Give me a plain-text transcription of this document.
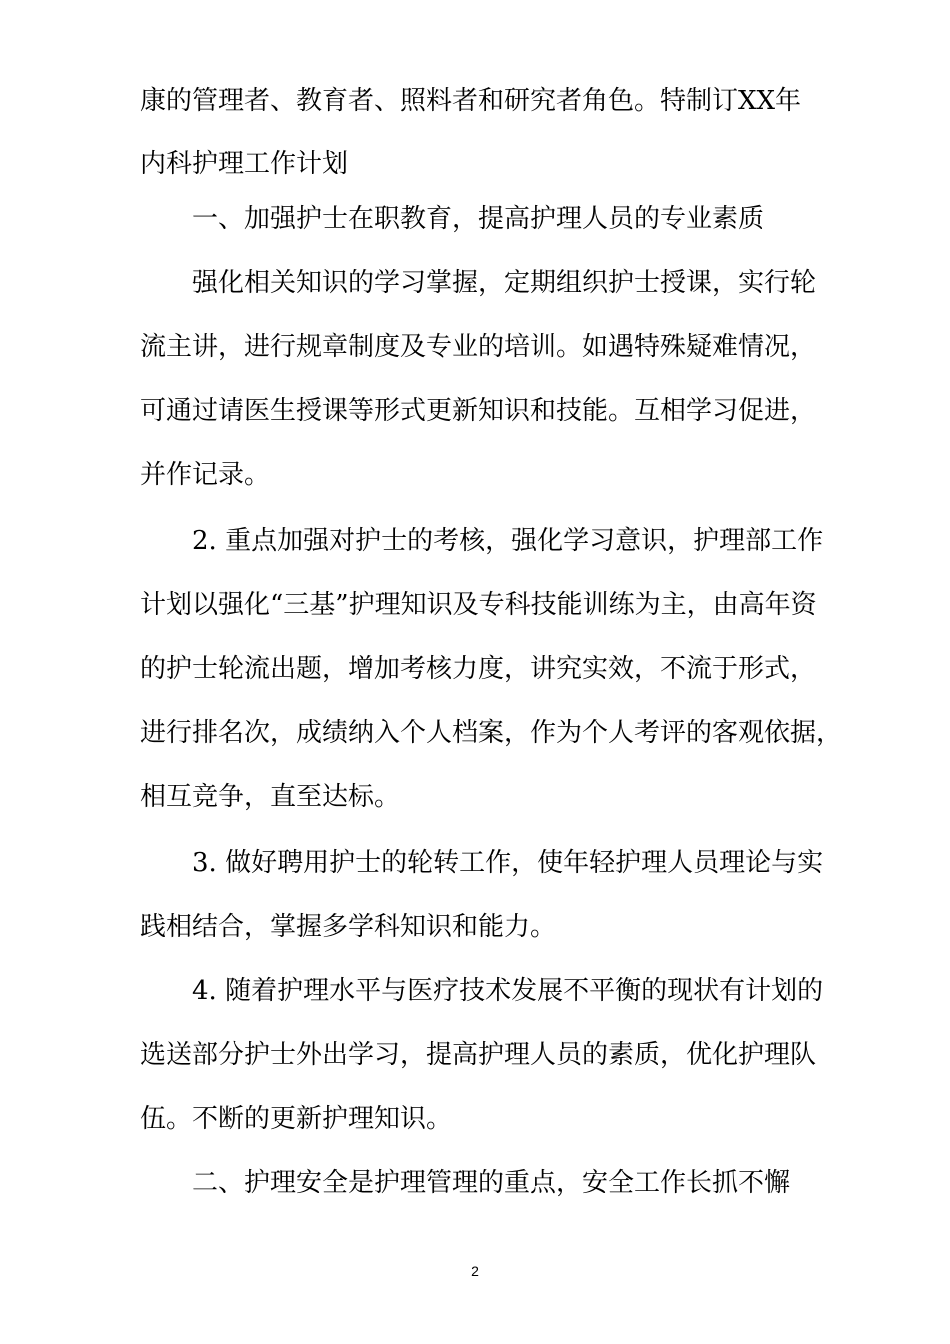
康的管理者、教育者、照料者和研究者角色。特制订XX年
内科护理工作计划
一、加强护士在职教育，提高护理人员的专业素质
强化相关知识的学习掌握，定期组织护士授课，实行轮
流主讲，进行规章制度及专业的培训。如遇特殊疑难情况，
可通过请医生授课等形式更新知识和技能。互相学习促进，
并作记录。
2. 重点加强对护士的考核，强化学习意识，护理部工作
计划以强化“三基”护理知识及专科技能训练为主，由高年资
的护士轮流出题，增加考核力度，讲究实效，不流于形式，
进行排名次，成绩纳入个人档案，作为个人考评的客观依据，
相互竞争，直至达标。
3. 做好聘用护士的轮转工作，使年轻护理人员理论与实
践相结合，掌握多学科知识和能力。
4. 随着护理水平与医疗技术发展不平衡的现状有计划的
选送部分护士外出学习，提高护理人员的素质，优化护理队
伍。不断的更新护理知识。
二、护理安全是护理管理的重点，安全工作长抓不懈
2
